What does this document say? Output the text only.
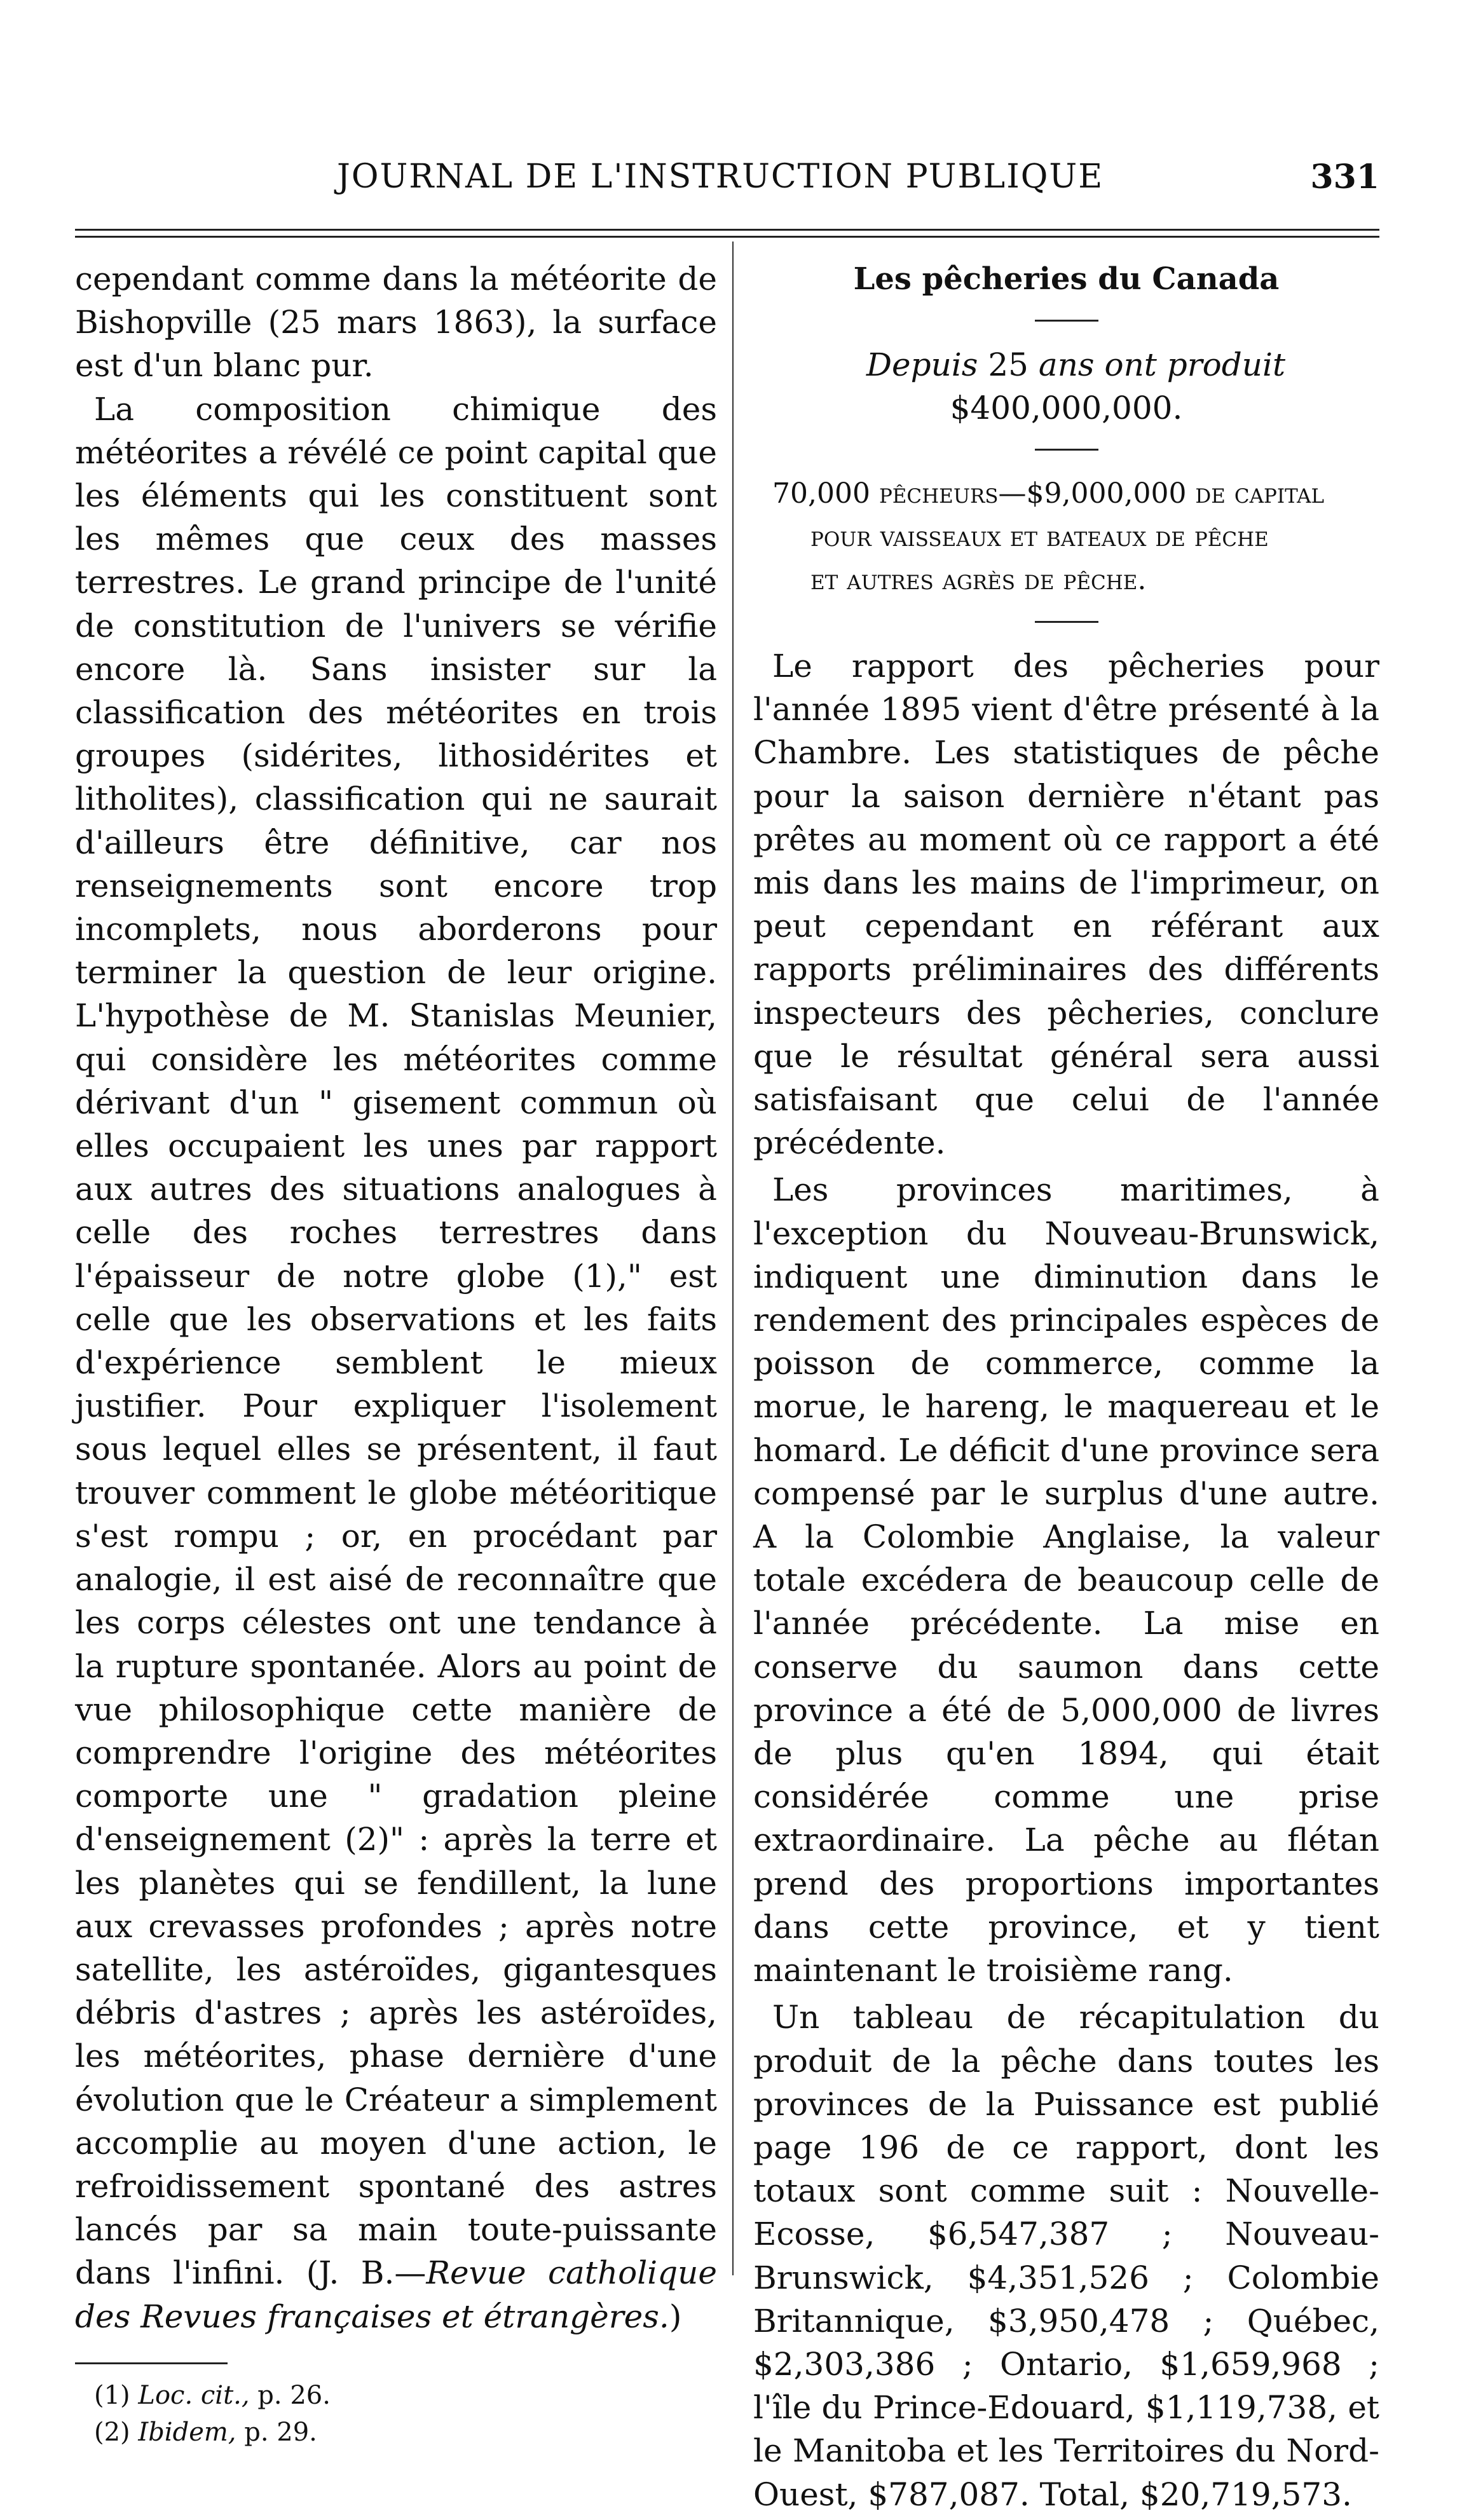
JOURNAL DE L'INSTRUCTION PUBLIQUE	331

cependant comme dans la météorite de Bishopville (25 mars 1863), la surface est d'un blanc pur.

La composition chimique des météorites a révélé ce point capital que les éléments qui les constituent sont les mêmes que ceux des masses terrestres. Le grand principe de l'unité de constitution de l'univers se vérifie encore là. Sans insister sur la classification des météorites en trois groupes (sidérites, lithosidérites et litholites), classification qui ne saurait d'ailleurs être définitive, car nos renseignements sont encore trop incomplets, nous aborderons pour terminer la question de leur origine. L'hypothèse de M. Stanislas Meunier, qui considère les météorites comme dérivant d'un " gisement commun où elles occupaient les unes par rapport aux autres des situations analogues à celle des roches terrestres dans l'épaisseur de notre globe (1)," est celle que les observations et les faits d'expérience semblent le mieux justifier. Pour expliquer l'isolement sous lequel elles se présentent, il faut trouver comment le globe météoritique s'est rompu ; or, en procédant par analogie, il est aisé de reconnaître que les corps célestes ont une tendance à la rupture spontanée. Alors au point de vue philosophique cette manière de comprendre l'origine des météorites comporte une " gradation pleine d'enseignement (2)" : après la terre et les planètes qui se fendillent, la lune aux crevasses profondes ; après notre satellite, les astéroïdes, gigantesques débris d'astres ; après les astéroïdes, les météorites, phase dernière d'une évolution que le Créateur a simplement accomplie au moyen d'une action, le refroidissement spontané des astres lancés par sa main toute-puissante dans l'infini. (J. B.—Revue catholique des Revues françaises et étrangères.)

(1) Loc. cit., p. 26.
(2) Ibidem, p. 29.
Les pêcheries du Canada

Depuis 25 ans ont produit $400,000,000.

70,000 pêcheurs—$9,000,000 de capital
pour vaisseaux et bateaux de pêche
et autres agrès de pêche.

Le rapport des pêcheries pour l'année 1895 vient d'être présenté à la Chambre. Les statistiques de pêche pour la saison dernière n'étant pas prêtes au moment où ce rapport a été mis dans les mains de l'imprimeur, on peut cependant en référant aux rapports préliminaires des différents inspecteurs des pêcheries, conclure que le résultat général sera aussi satisfaisant que celui de l'année précédente.

Les provinces maritimes, à l'exception du Nouveau-Brunswick, indiquent une diminution dans le rendement des principales espèces de poisson de commerce, comme la morue, le hareng, le maquereau et le homard. Le déficit d'une province sera compensé par le surplus d'une autre. A la Colombie Anglaise, la valeur totale excédera de beaucoup celle de l'année précédente. La mise en conserve du saumon dans cette province a été de 5,000,000 de livres de plus qu'en 1894, qui était considérée comme une prise extraordinaire. La pêche au flétan prend des proportions importantes dans cette province, et y tient maintenant le troisième rang.

Un tableau de récapitulation du produit de la pêche dans toutes les provinces de la Puissance est publié page 196 de ce rapport, dont les totaux sont comme suit : Nouvelle-Ecosse, $6,547,387 ; Nouveau-Brunswick, $4,351,526 ; Colombie Britannique, $3,950,478 ; Québec, $2,303,386 ; Ontario, $1,659,968 ; l'île du Prince-Edouard, $1,119,738, et le Manitoba et les Territoires du Nord-Ouest, $787,087. Total, $20,719,573.
